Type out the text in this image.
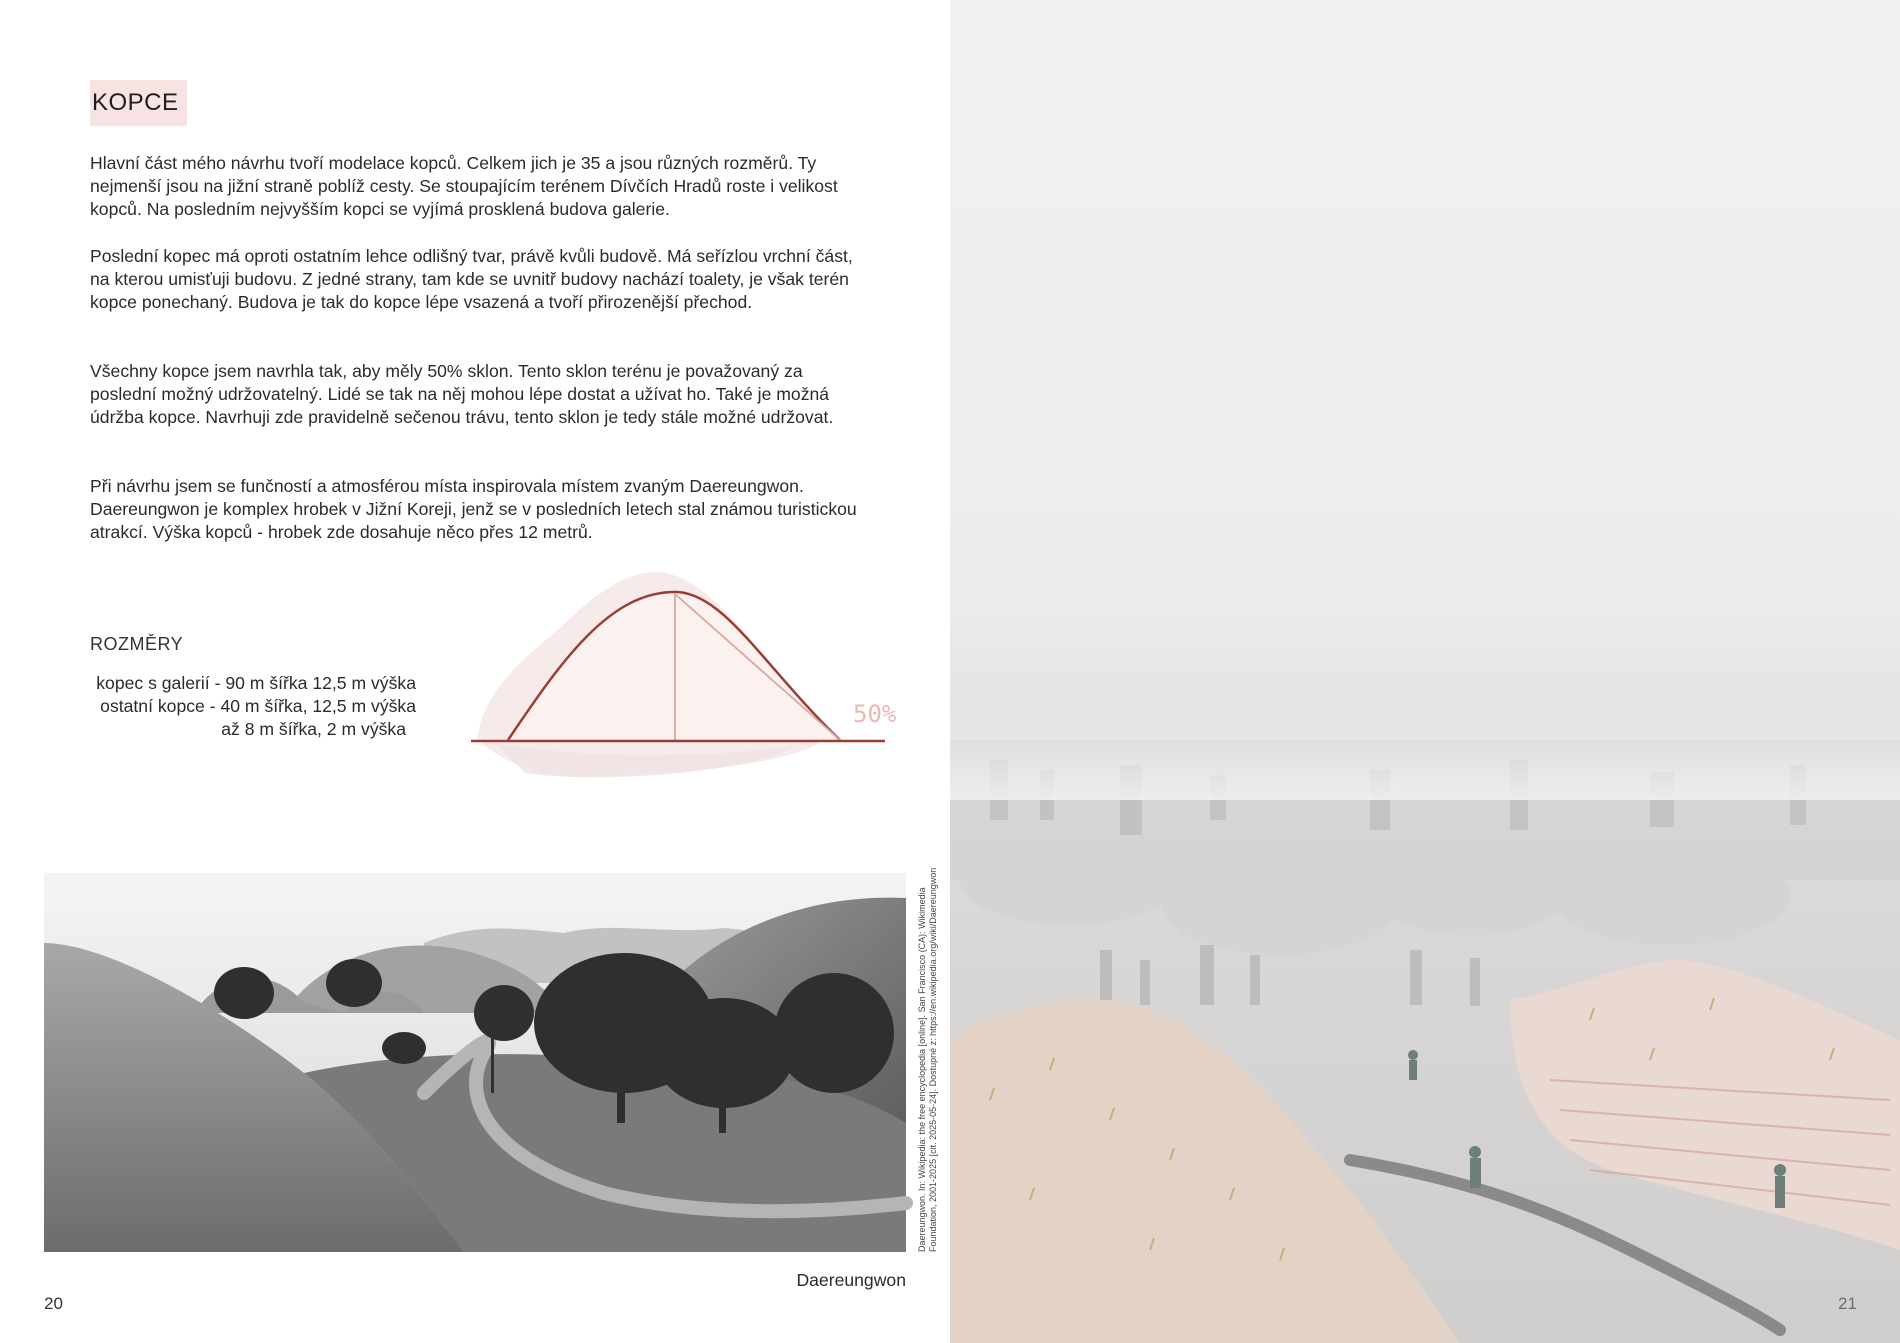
KOPCE

Hlavní část mého návrhu tvoří modelace kopců. Celkem jich je 35 a jsou různých rozměrů. Ty nejmenší jsou na jižní straně poblíž cesty. Se stoupajícím terénem Dívčích Hradů roste i velikost kopců. Na posledním nejvyšším kopci se vyjímá prosklená budova galerie.

Poslední kopec má oproti ostatním lehce odlišný tvar, právě kvůli budově. Má seřízlou vrchní část, na kterou umisťuji budovu. Z jedné strany, tam kde se uvnitř budovy nachází toalety, je však terén kopce ponechaný. Budova je tak do kopce lépe vsazená a tvoří přirozenější přechod.

Všechny kopce jsem navrhla tak, aby měly 50% sklon. Tento sklon terénu je považovaný za poslední možný udržovatelný. Lidé se tak na něj mohou lépe dostat a užívat ho. Také je možná údržba kopce. Navrhuji zde pravidelně sečenou trávu, tento sklon je tedy stále možné udržovat.

Při návrhu jsem se funčností a atmosférou místa inspirovala místem zvaným Daereungwon. Daereungwon je komplex hrobek v Jižní Koreji, jenž se v posledních letech stal známou turistickou atrakcí. Výška kopců - hrobek zde dosahuje něco přes 12 metrů.

ROZMĚRY
kopec s galerií - 90 m šířka 12,5 m výška
ostatní kopce - 40 m šířka, 12,5 m výška
až 8 m šířka, 2 m výška
50%
Daereungwon
Daereungwon. In: Wikipedia: the free encyclopedia [online]. San Francisco (CA): Wikimedia Foundation, 2001-2025 [cit. 2025-05-24]. Dostupné z: https://en.wikipedia.org/wiki/Daereungwon
20	21
